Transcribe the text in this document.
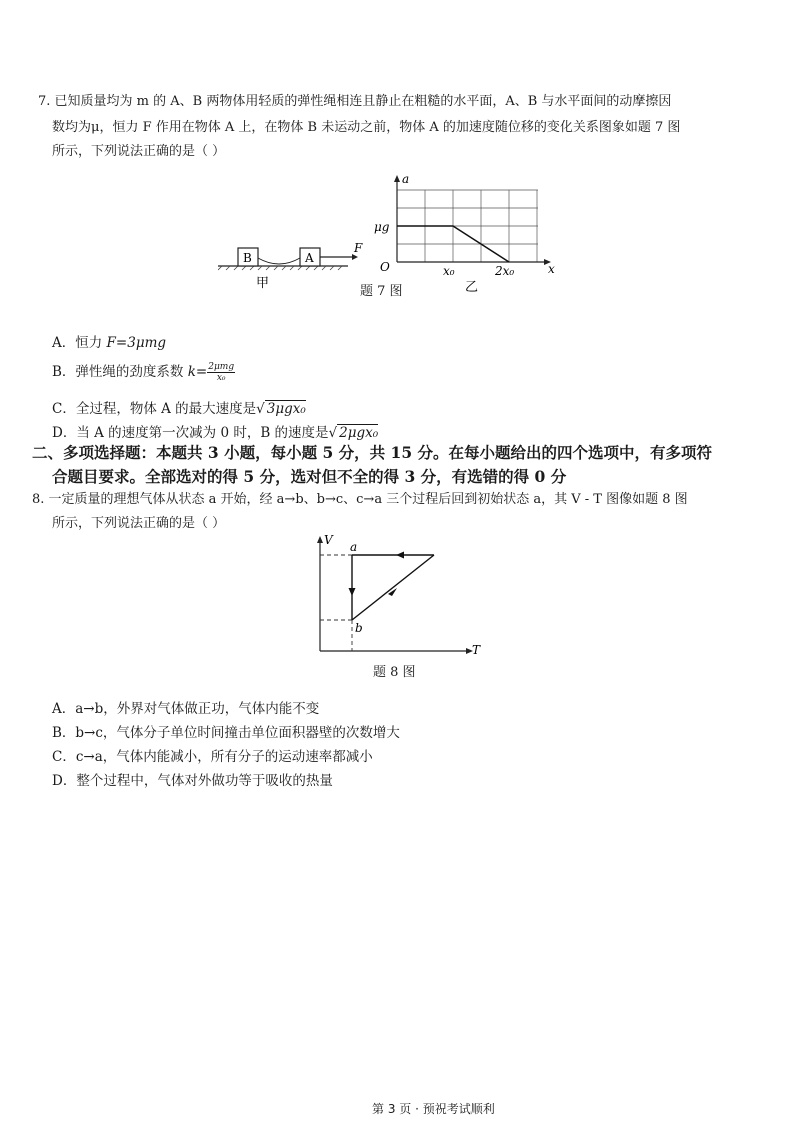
7. 已知质量均为 m 的 A、B 两物体用轻质的弹性绳相连且静止在粗糙的水平面，A、B 与水平面间的动摩擦因
数均为μ，恒力 F 作用在物体 A 上，在物体 B 未运动之前，物体 A 的加速度随位移的变化关系图象如题 7 图
所示，下列说法正确的是（ ）
B	A
F
甲
a
x
O
μg
x₀	2x₀
乙
题 7 图
A．恒力 F=3μmg
B．弹性绳的劲度系数 $k= \frac{\text{2μmg}}{\text{x₀}}$
C．全过程，物体 A 的最大速度是√ 3μgx₀
D．当 A 的速度第一次减为 0 时，B 的速度是√ 2μgx₀
二、多项选择题：本题共 3 小题，每小题 5 分，共 15 分。在每小题给出的四个选项中，有多项符
合题目要求。全部选对的得 5 分，选对但不全的得 3 分，有选错的得 0 分
8. 一定质量的理想气体从状态 a 开始，经 a→b、b→c、c→a 三个过程后回到初始状态 a，其 V - T 图像如题 8 图
所示，下列说法正确的是（ ）
V
T
a
b
题 8 图
A．a→b，外界对气体做正功，气体内能不变
B．b→c，气体分子单位时间撞击单位面积器壁的次数增大
C．c→a，气体内能减小，所有分子的运动速率都减小
D．整个过程中，气体对外做功等于吸收的热量
第 3 页 · 预祝考试顺利
